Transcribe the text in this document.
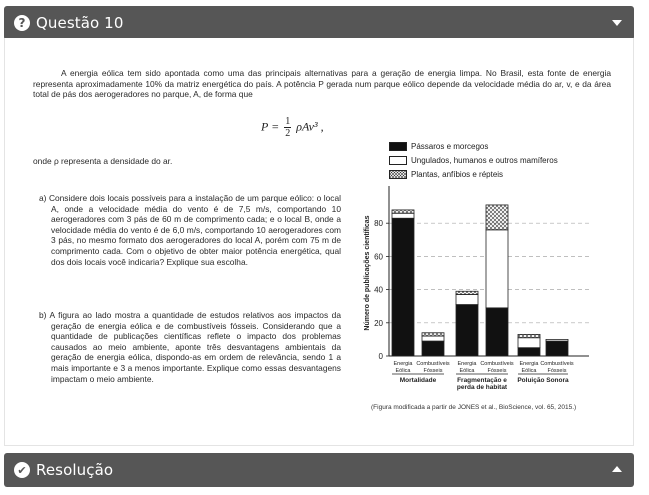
? Questão 10

A energia eólica tem sido apontada como uma das principais alternativas para a geração de energia limpa. No Brasil, esta fonte de energia representa aproximadamente 10% da matriz energética do país. A potência P gerada num parque eólico depende da velocidade média do ar, v, e da área total de pás dos aerogeradores no parque, A, de forma que

$P = \frac{1}{2} \rho Av^3$ ,

onde ρ representa a densidade do ar.

a) Considere dois locais possíveis para a instalação de um parque eólico: o local A, onde a velocidade média do vento é de 7,5 m/s, comportando 10 aerogeradores com 3 pás de 60 m de comprimento cada; e o local B, onde a velocidade média do vento é de 6,0 m/s, comportando 10 aerogeradores com 3 pás, no mesmo formato dos aerogeradores do local A, porém com 75 m de comprimento cada. Com o objetivo de obter maior potência energética, qual dos dois locais você indicaria? Explique sua escolha.

b) A figura ao lado mostra a quantidade de estudos relativos aos impactos da geração de energia eólica e de combustíveis fósseis. Considerando que a quantidade de publicações científicas reflete o impacto dos problemas causados ao meio ambiente, aponte três desvantagens ambientais da geração de energia eólica, dispondo-as em ordem de relevância, sendo 1 a mais importante e 3 a menos importante. Explique como essas desvantagens impactam o meio ambiente.

Pássaros e morcegos
Ungulados, humanos e outros mamíferos
Plantas, anfíbios e répteis
0
20
40
60
80
Número de publicações científicas
Energia
Eólica
Combustíveis
Fósseis
Energia
Eólica
Combustíveis
Fósseis
Energia
Eólica
Combustíveis
Fósseis
Mortalidade	Fragmentação e
perda de habitat
Poluição Sonora

(Figura modificada a partir de JONES et al., BioScience, vol. 65, 2015.)

✔ Resolução
